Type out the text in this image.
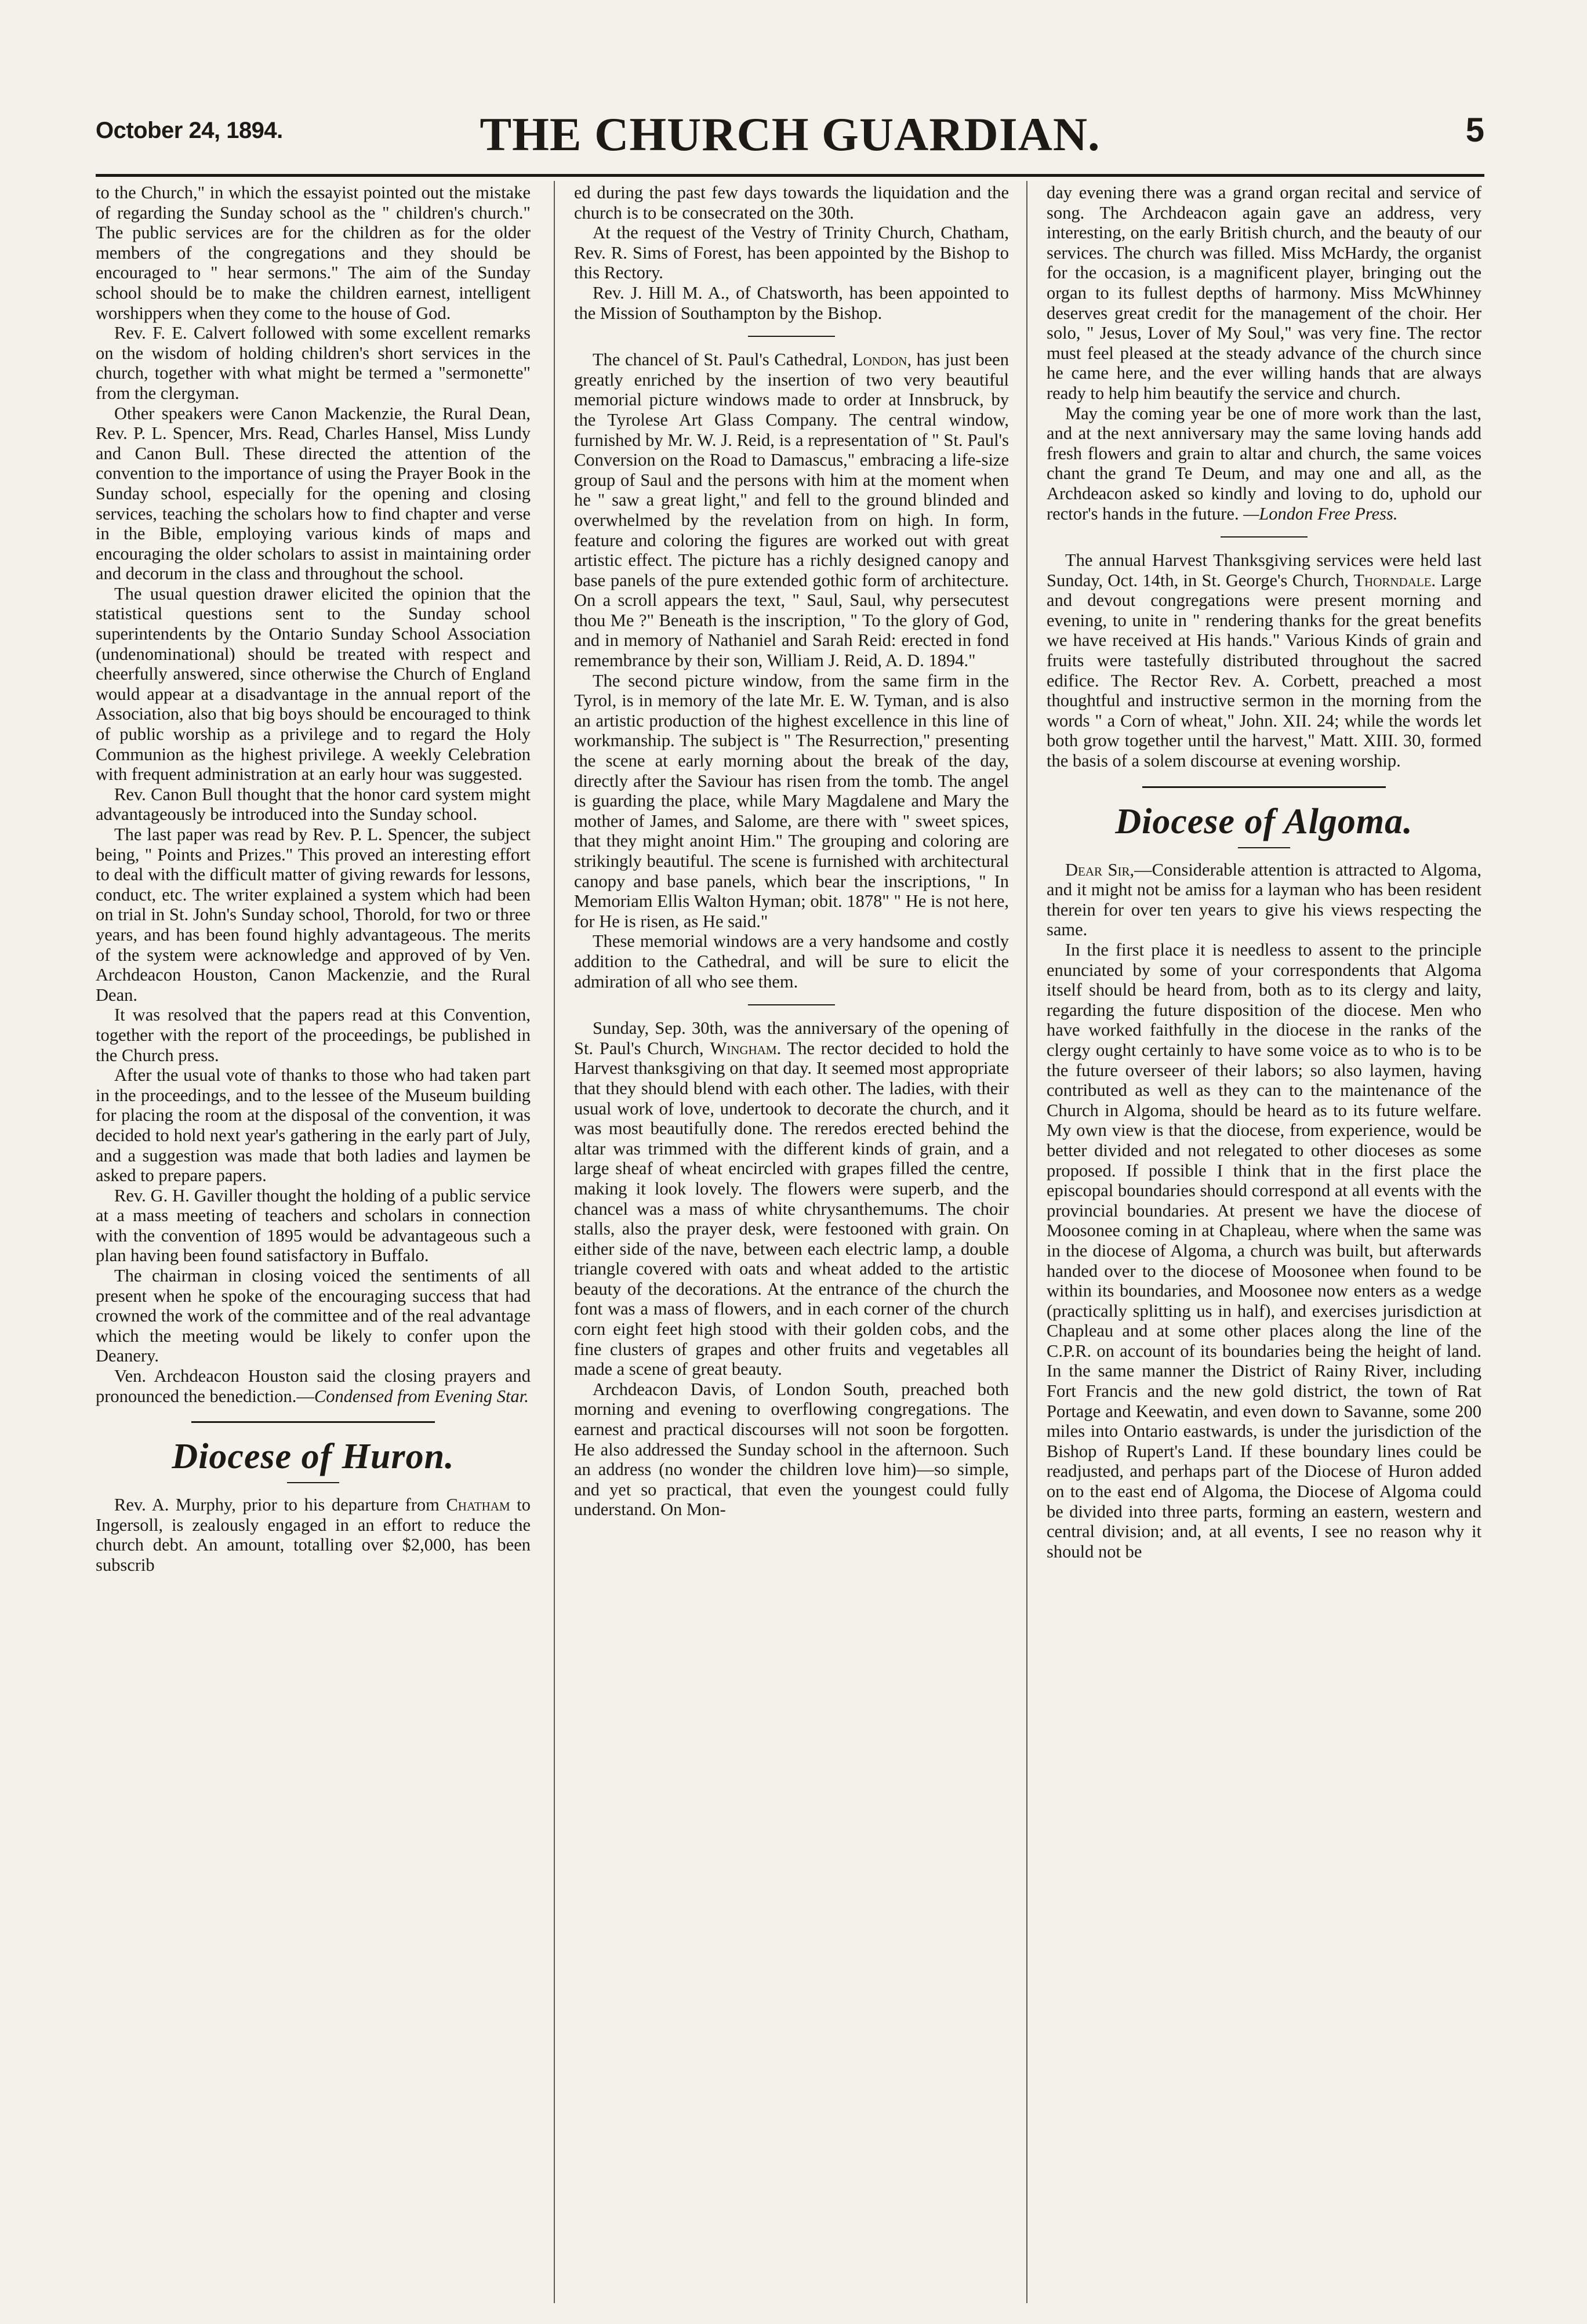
October 24, 1894.	THE CHURCH GUARDIAN.	5

to the Church," in which the essayist pointed out the mistake of regarding the Sunday school as the " children's church." The public services are for the children as for the older members of the congregations and they should be encouraged to " hear sermons." The aim of the Sunday school should be to make the children earnest, intelligent worshippers when they come to the house of God.

Rev. F. E. Calvert followed with some excellent remarks on the wisdom of holding children's short services in the church, together with what might be termed a "sermonette" from the clergyman.

Other speakers were Canon Mackenzie, the Rural Dean, Rev. P. L. Spencer, Mrs. Read, Charles Hansel, Miss Lundy and Canon Bull. These directed the attention of the convention to the importance of using the Prayer Book in the Sunday school, especially for the opening and closing services, teaching the scholars how to find chapter and verse in the Bible, employing various kinds of maps and encouraging the older scholars to assist in maintaining order and decorum in the class and throughout the school.

The usual question drawer elicited the opinion that the statistical questions sent to the Sunday school superintendents by the Ontario Sunday School Association (undenominational) should be treated with respect and cheerfully answered, since otherwise the Church of England would appear at a disadvantage in the annual report of the Association, also that big boys should be encouraged to think of public worship as a privilege and to regard the Holy Communion as the highest privilege. A weekly Celebration with frequent administration at an early hour was suggested.

Rev. Canon Bull thought that the honor card system might advantageously be introduced into the Sunday school.

The last paper was read by Rev. P. L. Spencer, the subject being, " Points and Prizes." This proved an interesting effort to deal with the difficult matter of giving rewards for lessons, conduct, etc. The writer explained a system which had been on trial in St. John's Sunday school, Thorold, for two or three years, and has been found highly advantageous. The merits of the system were acknowledge and approved of by Ven. Archdeacon Houston, Canon Mackenzie, and the Rural Dean.

It was resolved that the papers read at this Convention, together with the report of the proceedings, be published in the Church press.

After the usual vote of thanks to those who had taken part in the proceedings, and to the lessee of the Museum building for placing the room at the disposal of the convention, it was decided to hold next year's gathering in the early part of July, and a suggestion was made that both ladies and laymen be asked to prepare papers.

Rev. G. H. Gaviller thought the holding of a public service at a mass meeting of teachers and scholars in connection with the convention of 1895 would be advantageous such a plan having been found satisfactory in Buffalo.

The chairman in closing voiced the sentiments of all present when he spoke of the encouraging success that had crowned the work of the committee and of the real advantage which the meeting would be likely to confer upon the Deanery.

Ven. Archdeacon Houston said the closing prayers and pronounced the benediction.—Condensed from Evening Star.

Diocese of Huron.

Rev. A. Murphy, prior to his departure from Chatham to Ingersoll, is zealously engaged in an effort to reduce the church debt. An amount, totalling over $2,000, has been subscrib

ed during the past few days towards the liquidation and the church is to be consecrated on the 30th.

At the request of the Vestry of Trinity Church, Chatham, Rev. R. Sims of Forest, has been appointed by the Bishop to this Rectory.

Rev. J. Hill M. A., of Chatsworth, has been appointed to the Mission of Southampton by the Bishop.

The chancel of St. Paul's Cathedral, London, has just been greatly enriched by the insertion of two very beautiful memorial picture windows made to order at Innsbruck, by the Tyrolese Art Glass Company. The central window, furnished by Mr. W. J. Reid, is a representation of " St. Paul's Conversion on the Road to Damascus," embracing a life-size group of Saul and the persons with him at the moment when he " saw a great light," and fell to the ground blinded and overwhelmed by the revelation from on high. In form, feature and coloring the figures are worked out with great artistic effect. The picture has a richly designed canopy and base panels of the pure extended gothic form of architecture. On a scroll appears the text, " Saul, Saul, why persecutest thou Me ?" Beneath is the inscription, " To the glory of God, and in memory of Nathaniel and Sarah Reid: erected in fond remembrance by their son, William J. Reid, A. D. 1894."

The second picture window, from the same firm in the Tyrol, is in memory of the late Mr. E. W. Tyman, and is also an artistic production of the highest excellence in this line of workmanship. The subject is " The Resurrection," presenting the scene at early morning about the break of the day, directly after the Saviour has risen from the tomb. The angel is guarding the place, while Mary Magdalene and Mary the mother of James, and Salome, are there with " sweet spices, that they might anoint Him." The grouping and coloring are strikingly beautiful. The scene is furnished with architectural canopy and base panels, which bear the inscriptions, " In Memoriam Ellis Walton Hyman; obit. 1878" " He is not here, for He is risen, as He said."

These memorial windows are a very handsome and costly addition to the Cathedral, and will be sure to elicit the admiration of all who see them.

Sunday, Sep. 30th, was the anniversary of the opening of St. Paul's Church, Wingham. The rector decided to hold the Harvest thanksgiving on that day. It seemed most appropriate that they should blend with each other. The ladies, with their usual work of love, undertook to decorate the church, and it was most beautifully done. The reredos erected behind the altar was trimmed with the different kinds of grain, and a large sheaf of wheat encircled with grapes filled the centre, making it look lovely. The flowers were superb, and the chancel was a mass of white chrysanthemums. The choir stalls, also the prayer desk, were festooned with grain. On either side of the nave, between each electric lamp, a double triangle covered with oats and wheat added to the artistic beauty of the decorations. At the entrance of the church the font was a mass of flowers, and in each corner of the church corn eight feet high stood with their golden cobs, and the fine clusters of grapes and other fruits and vegetables all made a scene of great beauty.

Archdeacon Davis, of London South, preached both morning and evening to overflowing congregations. The earnest and practical discourses will not soon be forgotten. He also addressed the Sunday school in the afternoon. Such an address (no wonder the children love him)—so simple, and yet so practical, that even the youngest could fully understand. On Mon-

day evening there was a grand organ recital and service of song. The Archdeacon again gave an address, very interesting, on the early British church, and the beauty of our services. The church was filled. Miss McHardy, the organist for the occasion, is a magnificent player, bringing out the organ to its fullest depths of harmony. Miss McWhinney deserves great credit for the management of the choir. Her solo, " Jesus, Lover of My Soul," was very fine. The rector must feel pleased at the steady advance of the church since he came here, and the ever willing hands that are always ready to help him beautify the service and church.

May the coming year be one of more work than the last, and at the next anniversary may the same loving hands add fresh flowers and grain to altar and church, the same voices chant the grand Te Deum, and may one and all, as the Archdeacon asked so kindly and loving to do, uphold our rector's hands in the future. —London Free Press.

The annual Harvest Thanksgiving services were held last Sunday, Oct. 14th, in St. George's Church, Thorndale. Large and devout congregations were present morning and evening, to unite in " rendering thanks for the great benefits we have received at His hands." Various Kinds of grain and fruits were tastefully distributed throughout the sacred edifice. The Rector Rev. A. Corbett, preached a most thoughtful and instructive sermon in the morning from the words " a Corn of wheat," John. XII. 24; while the words let both grow together until the harvest," Matt. XIII. 30, formed the basis of a solem discourse at evening worship.

Diocese of Algoma.

Dear Sir,—Considerable attention is attracted to Algoma, and it might not be amiss for a layman who has been resident therein for over ten years to give his views respecting the same.

In the first place it is needless to assent to the principle enunciated by some of your correspondents that Algoma itself should be heard from, both as to its clergy and laity, regarding the future disposition of the diocese. Men who have worked faithfully in the diocese in the ranks of the clergy ought certainly to have some voice as to who is to be the future overseer of their labors; so also laymen, having contributed as well as they can to the maintenance of the Church in Algoma, should be heard as to its future welfare. My own view is that the diocese, from experience, would be better divided and not relegated to other dioceses as some proposed. If possible I think that in the first place the episcopal boundaries should correspond at all events with the provincial boundaries. At present we have the diocese of Moosonee coming in at Chapleau, where when the same was in the diocese of Algoma, a church was built, but afterwards handed over to the diocese of Moosonee when found to be within its boundaries, and Moosonee now enters as a wedge (practically splitting us in half), and exercises jurisdiction at Chapleau and at some other places along the line of the C.P.R. on account of its boundaries being the height of land. In the same manner the District of Rainy River, including Fort Francis and the new gold district, the town of Rat Portage and Keewatin, and even down to Savanne, some 200 miles into Ontario eastwards, is under the jurisdiction of the Bishop of Rupert's Land. If these boundary lines could be readjusted, and perhaps part of the Diocese of Huron added on to the east end of Algoma, the Diocese of Algoma could be divided into three parts, forming an eastern, western and central division; and, at all events, I see no reason why it should not be
